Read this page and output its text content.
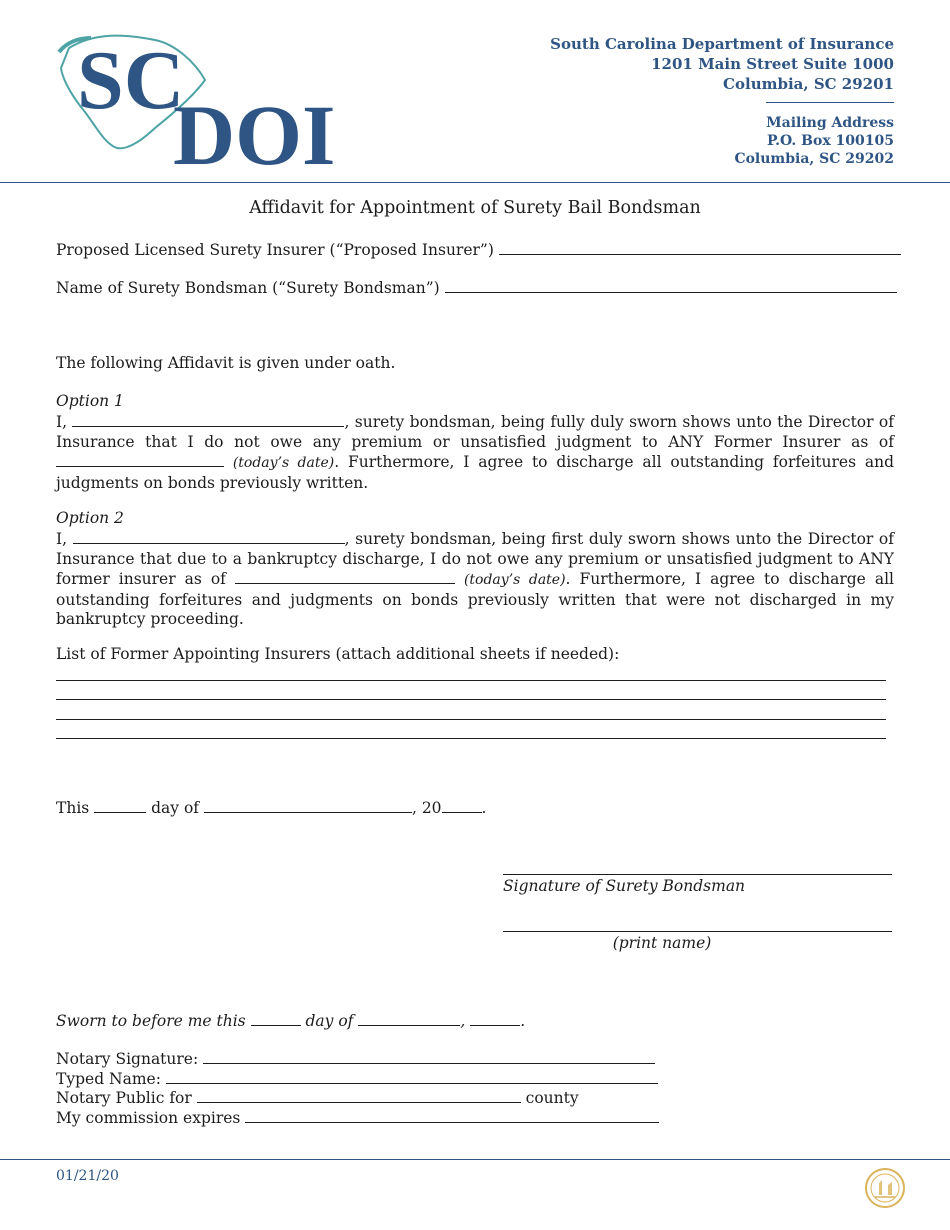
SC
DOI
South Carolina Department of Insurance
1201 Main Street Suite 1000
Columbia, SC 29201
Mailing Address
P.O. Box 100105
Columbia, SC 29202
Affidavit for Appointment of Surety Bail Bondsman
Proposed Licensed Surety Insurer (“Proposed Insurer”)
Name of Surety Bondsman (“Surety Bondsman”)
The following Affidavit is given under oath.
Option 1
I,	, surety bondsman, being fully duly sworn shows unto the Director of Insurance that I do not owe any premium or unsatisfied judgment to ANY Former Insurer as of  (today’s date). Furthermore, I agree to discharge all outstanding forfeitures and judgments on bonds previously written.
Option 2
I,	, surety bondsman, being first duly sworn shows unto the Director of Insurance that due to a bankruptcy discharge, I do not owe any premium or unsatisfied judgment to ANY former insurer as of	(today’s date). Furthermore, I agree to discharge all outstanding forfeitures and judgments on bonds previously written that were not discharged in my bankruptcy proceeding.
List of Former Appointing Insurers (attach additional sheets if needed):
This	day of	, 20	.
Signature of Surety Bondsman
(print name)
Sworn to before me this	day of	,	.
Notary Signature:
Typed Name:
Notary Public for	county
My commission expires
01/21/20
